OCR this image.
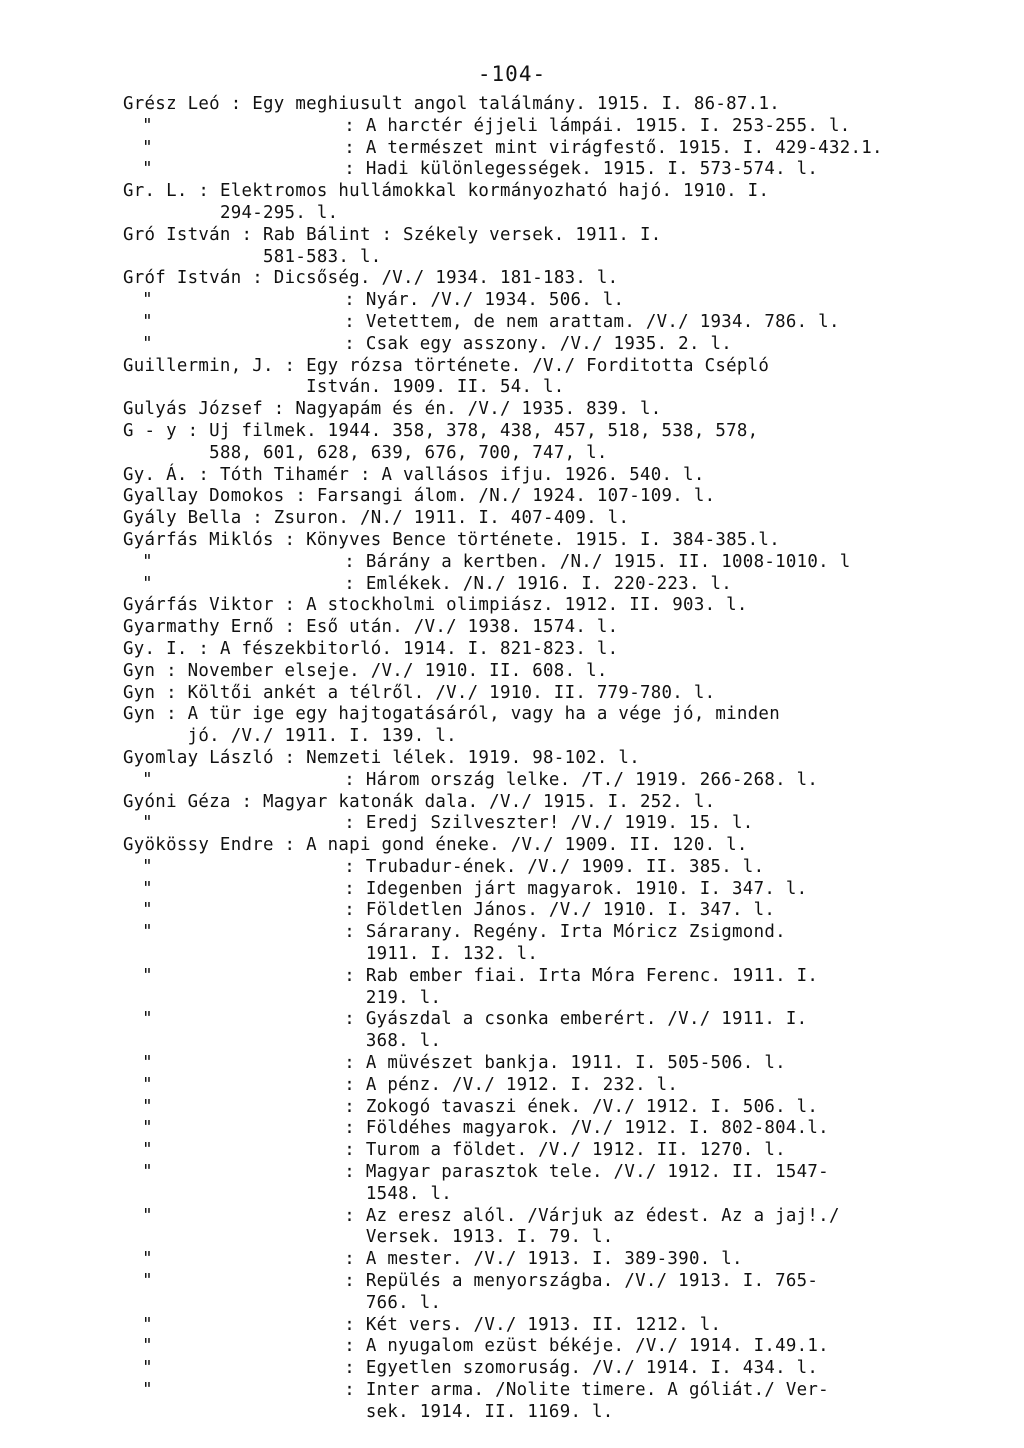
-104-
Grész Leó : Egy meghiusult angol találmány. 1915. I. 86-87.1.
"	: A harctér éjjeli lámpái. 1915. I. 253-255. l.
"	: A természet mint virágfestő. 1915. I. 429-432.1.
"	: Hadi különlegességek. 1915. I. 573-574. l.
Gr. L. : Elektromos hullámokkal kormányozható hajó. 1910. I.
294-295. l.
Gró István : Rab Bálint : Székely versek. 1911. I.
581-583. l.
Gróf István : Dicsőség. /V./ 1934. 181-183. l.
"	: Nyár. /V./ 1934. 506. l.
"	: Vetettem, de nem arattam. /V./ 1934. 786. l.
"	: Csak egy asszony. /V./ 1935. 2. l.
Guillermin, J. : Egy rózsa története. /V./ Forditotta Csépló
István. 1909. II. 54. l.
Gulyás József : Nagyapám és én. /V./ 1935. 839. l.
G - y : Uj filmek. 1944. 358, 378, 438, 457, 518, 538, 578,
588, 601, 628, 639, 676, 700, 747, l.
Gy. Á. : Tóth Tihamér : A vallásos ifju. 1926. 540. l.
Gyallay Domokos : Farsangi álom. /N./ 1924. 107-109. l.
Gyály Bella : Zsuron. /N./ 1911. I. 407-409. l.
Gyárfás Miklós : Könyves Bence története. 1915. I. 384-385.l.
"	: Bárány a kertben. /N./ 1915. II. 1008-1010. l
"	: Emlékek. /N./ 1916. I. 220-223. l.
Gyárfás Viktor : A stockholmi olimpiász. 1912. II. 903. l.
Gyarmathy Ernő : Eső után. /V./ 1938. 1574. l.
Gy. I. : A fészekbitorló. 1914. I. 821-823. l.
Gyn : November elseje. /V./ 1910. II. 608. l.
Gyn : Költői ankét a télről. /V./ 1910. II. 779-780. l.
Gyn : A tür ige egy hajtogatásáról, vagy ha a vége jó, minden
jó. /V./ 1911. I. 139. l.
Gyomlay László : Nemzeti lélek. 1919. 98-102. l.
"	: Három ország lelke. /T./ 1919. 266-268. l.
Gyóni Géza : Magyar katonák dala. /V./ 1915. I. 252. l.
"	: Eredj Szilveszter! /V./ 1919. 15. l.
Gyökössy Endre : A napi gond éneke. /V./ 1909. II. 120. l.
"	: Trubadur-ének. /V./ 1909. II. 385. l.
"	: Idegenben járt magyarok. 1910. I. 347. l.
"	: Földetlen János. /V./ 1910. I. 347. l.
"	: Sárarany. Regény. Irta Móricz Zsigmond.
1911. I. 132. l.
"	: Rab ember fiai. Irta Móra Ferenc. 1911. I.
219. l.
"	: Gyászdal a csonka emberért. /V./ 1911. I.
368. l.
"	: A müvészet bankja. 1911. I. 505-506. l.
"	: A pénz. /V./ 1912. I. 232. l.
"	: Zokogó tavaszi ének. /V./ 1912. I. 506. l.
"	: Földéhes magyarok. /V./ 1912. I. 802-804.l.
"	: Turom a földet. /V./ 1912. II. 1270. l.
"	: Magyar parasztok tele. /V./ 1912. II. 1547-
1548. l.
"	: Az eresz alól. /Várjuk az édest. Az a jaj!./
Versek. 1913. I. 79. l.
"	: A mester. /V./ 1913. I. 389-390. l.
"	: Repülés a menyországba. /V./ 1913. I. 765-
766. l.
"	: Két vers. /V./ 1913. II. 1212. l.
"	: A nyugalom ezüst békéje. /V./ 1914. I.49.1.
"	: Egyetlen szomoruság. /V./ 1914. I. 434. l.
"	: Inter arma. /Nolite timere. A góliát./ Ver-
sek. 1914. II. 1169. l.
